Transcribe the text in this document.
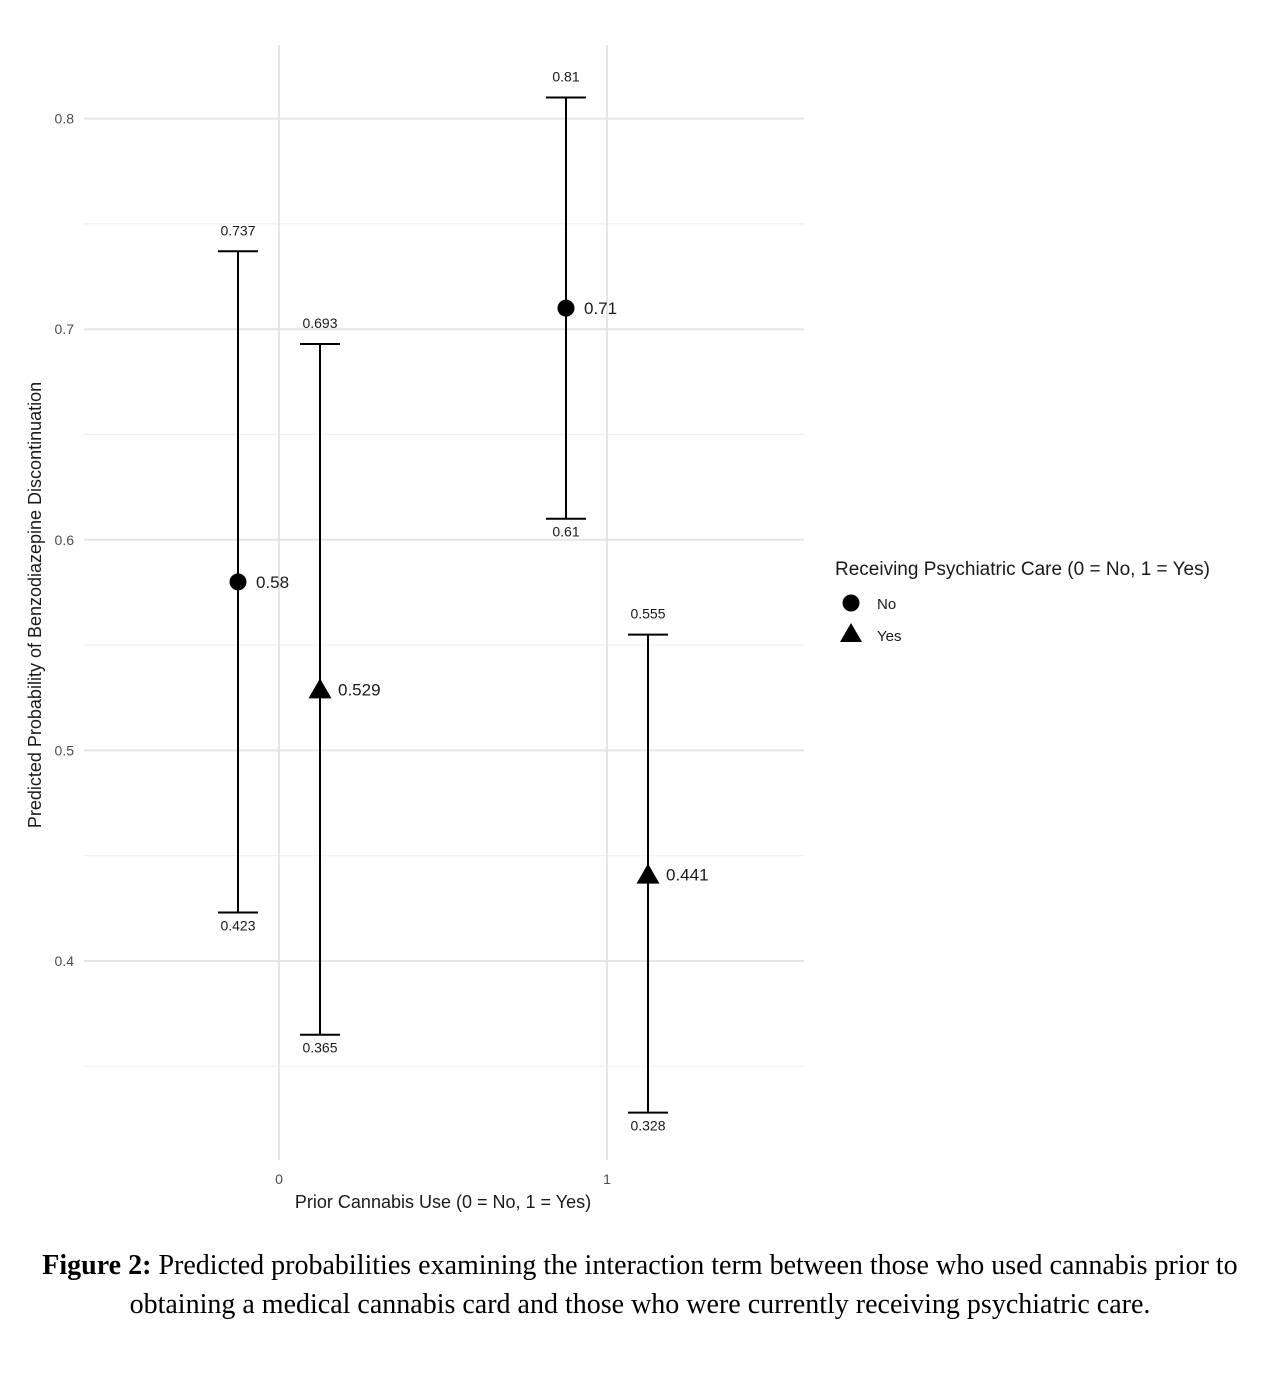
0.4
0.5
0.6
0.7
0.8
0	1
0.737
0.423
0.81
0.61
0.693
0.365
0.555
0.328
0.58
0.71
0.529
0.441
Predicted Probability of Benzodiazepine Discontinuation
Prior Cannabis Use (0 = No, 1 = Yes)
Receiving Psychiatric Care (0 = No, 1 = Yes)
No
Yes
Figure 2: Predicted probabilities examining the interaction term between those who used cannabis prior to obtaining a medical cannabis card and those who were currently receiving psychiatric care.
